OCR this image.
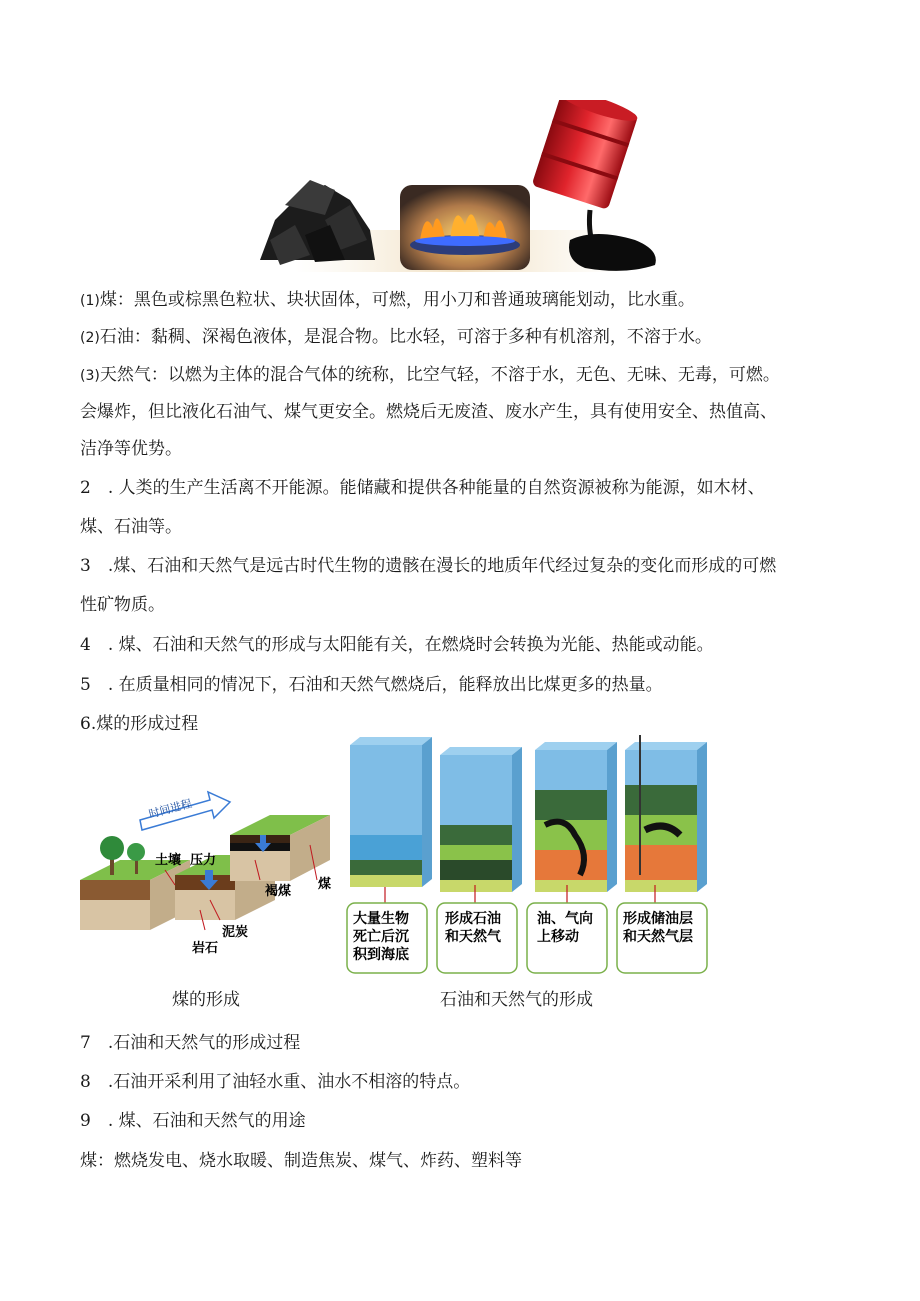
(1)煤：黑色或棕黑色粒状、块状固体，可燃，用小刀和普通玻璃能划动，比水重。
(2)石油：黏稠、深褐色液体，是混合物。比水轻，可溶于多种有机溶剂，不溶于水。
(3)天然气：以燃为主体的混合气体的统称，比空气轻，不溶于水，无色、无味、无毒，可燃。
会爆炸，但比液化石油气、煤气更安全。燃烧后无废渣、废水产生，具有使用安全、热值高、
洁净等优势。
2　. 人类的生产生活离不开能源。能储藏和提供各种能量的自然资源被称为能源，如木材、
煤、石油等。
3　.煤、石油和天然气是远古时代生物的遗骸在漫长的地质年代经过复杂的变化而形成的可燃
性矿物质。
4　. 煤、石油和天然气的形成与太阳能有关，在燃烧时会转换为光能、热能或动能。
5　. 在质量相同的情况下，石油和天然气燃烧后，能释放出比煤更多的热量。
6.煤的形成过程
时间进程
土壤 压力
泥炭
褐煤 煤
岩石
大量生物
死亡后沉
积到海底
形成石油
和天然气
油、气向
上移动
形成储油层
和天然气层
煤的形成	石油和天然气的形成
7　.石油和天然气的形成过程
8　.石油开采利用了油轻水重、油水不相溶的特点。
9　. 煤、石油和天然气的用途
煤：燃烧发电、烧水取暖、制造焦炭、煤气、炸药、塑料等
